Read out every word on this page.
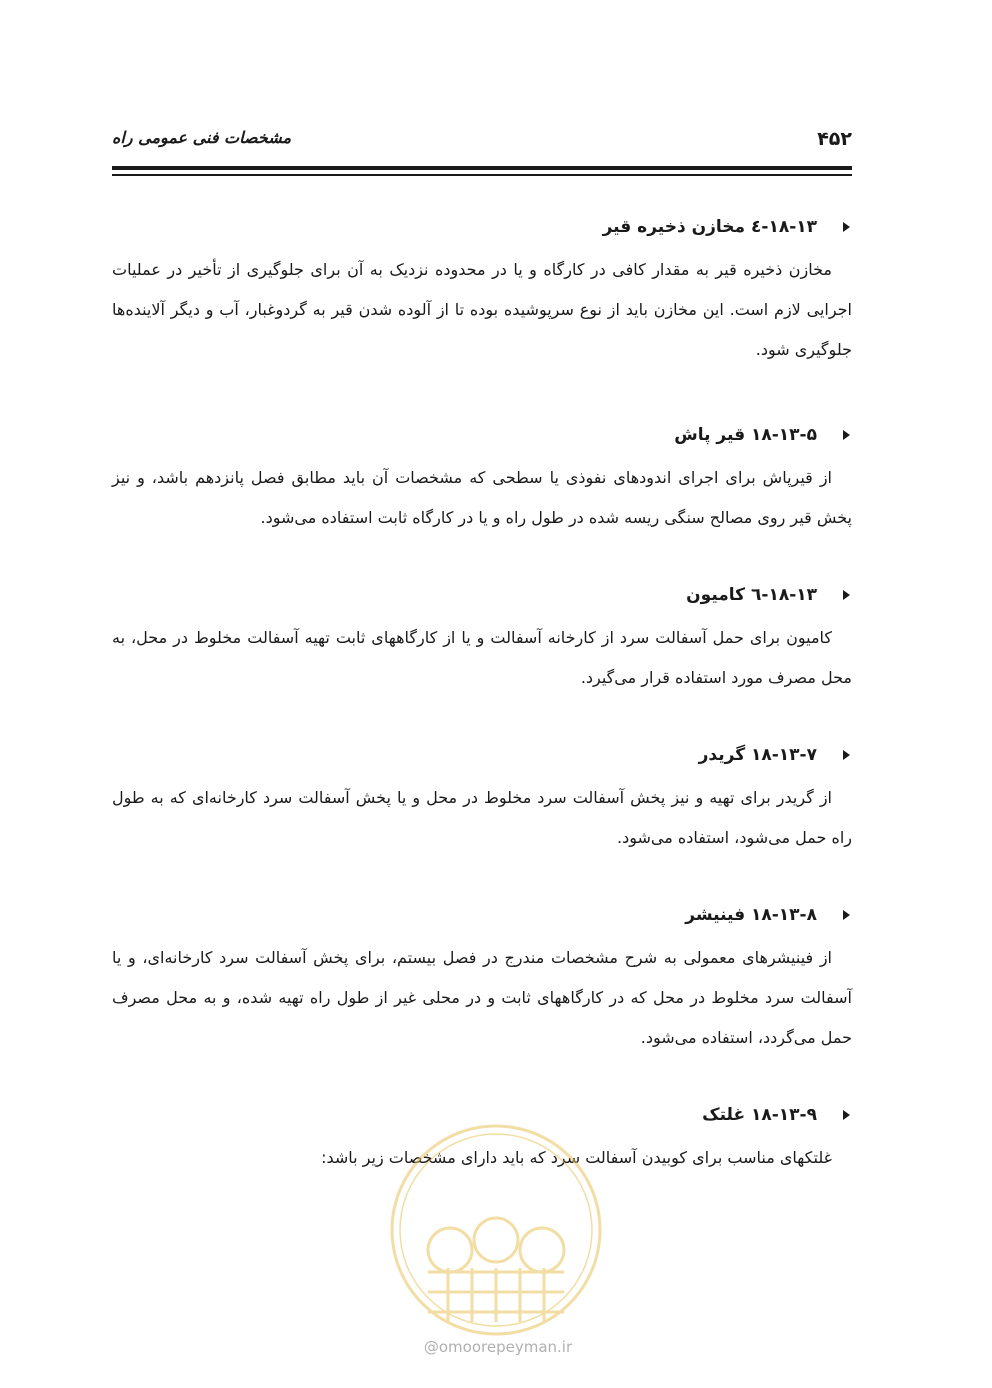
۴۵۲
مشخصات فنی عمومی راه
۱۸-۱۳-٤ مخازن ذخیره قیر

مخازن ذخیره قیر به مقدار کافی در کارگاه و یا در محدوده نزدیک به آن برای جلوگیری از تأخیر در عملیات اجرایی لازم است. این مخازن باید از نوع سرپوشیده بوده تا از آلوده شدن قیر به گردوغبار، آب و دیگر آلاینده‌ها جلوگیری شود.

۱۸-۱۳-۵ قیر پاش

از قیرپاش برای اجرای اندودهای نفوذی یا سطحی که مشخصات آن باید مطابق فصل پانزدهم باشد، و نیز پخش قیر روی مصالح سنگی ریسه شده در طول راه و یا در کارگاه ثابت استفاده می‌شود.

۱۸-۱۳-٦ کامیون

کامیون برای حمل آسفالت سرد از کارخانه آسفالت و یا از کارگاههای ثابت تهیه آسفالت مخلوط در محل، به محل مصرف مورد استفاده قرار می‌گیرد.

۱۸-۱۳-۷ گریدر

از گریدر برای تهیه و نیز پخش آسفالت سرد مخلوط در محل و یا پخش آسفالت سرد کارخانه‌ای که به طول راه حمل می‌شود، استفاده می‌شود.

۱۸-۱۳-۸ فینیشر

از فینیشرهای معمولی به شرح مشخصات مندرج در فصل بیستم، برای پخش آسفالت سرد کارخانه‌ای، و یا آسفالت سرد مخلوط در محل که در کارگاههای ثابت و در محلی غیر از طول راه تهیه شده، و به محل مصرف حمل می‌گردد، استفاده می‌شود.

۱۸-۱۳-۹ غلتک

غلتکهای مناسب برای کوبیدن آسفالت سرد که باید دارای مشخصات زیر باشد:

@omoorepeyman.ir
